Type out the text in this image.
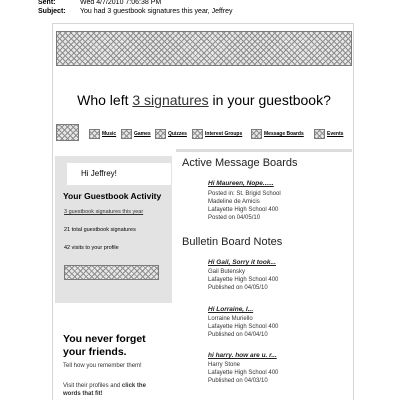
Sent:	Wed 4/7/2010 7:06:38 PM
Subject: You had 3 guestbook signatures this year, Jeffrey
Who left 3 signatures in your guestbook?
Music	Games	Quizzes	Interest Groups	Message Boards	Events
Hi Jeffrey!
Your Guestbook Activity
3 guestbook signatures this year
21 total guestbook signatures
42 visits to your profile
You never forget
your friends.
Tell how you remember them!
Visit their profiles and click the
words that fit!
Active Message Boards
Hi Maureen, Nope......
Posted in: St. Brigid School
Madeline de Amicis
Lafayette High School 400
Posted on 04/05/10
Bulletin Board Notes
Hi Gail, Sorry it took...
Gail Butensky
Lafayette High School 400
Published on 04/05/10
Hi Lorraine, I...
Lorraine Muriello
Lafayette High School 400
Published on 04/04/10
hi harry. how are u. r...
Harry Stone
Lafayette High School 400
Published on 04/03/10
